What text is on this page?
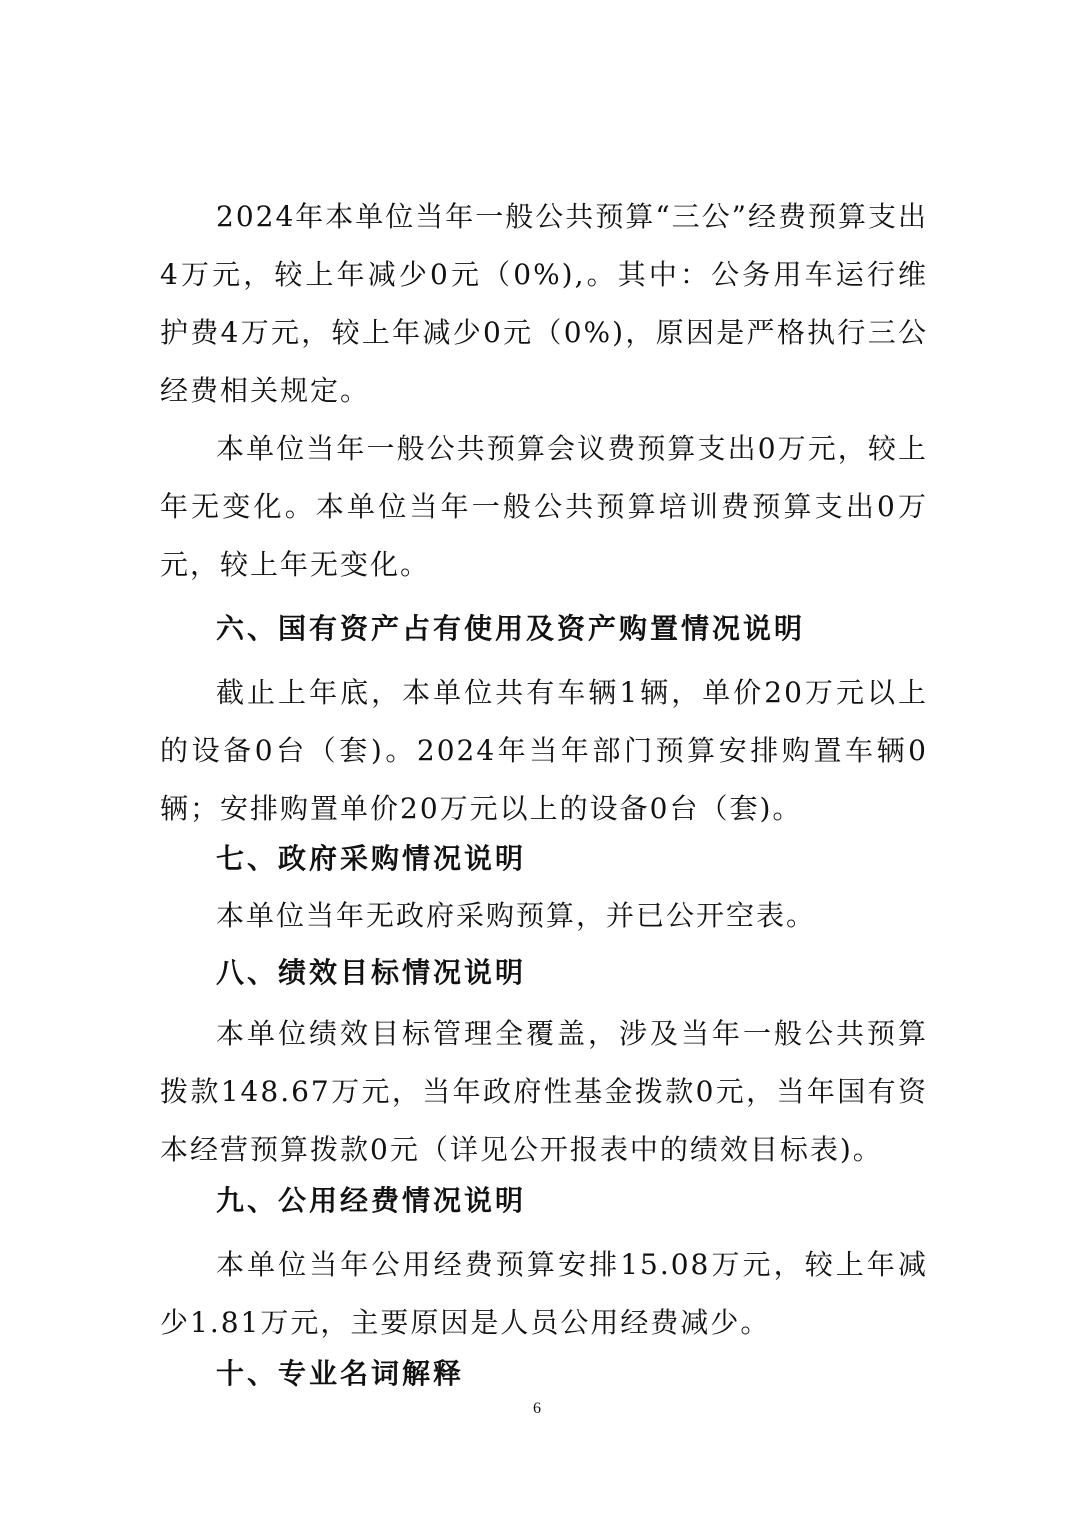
2024年本单位当年一般公共预算“三公”经费预算支出4万元，较上年减少0元（0%),。其中：公务用车运行维护费4万元，较上年减少0元（0%)，原因是严格执行三公经费相关规定。

本单位当年一般公共预算会议费预算支出0万元，较上年无变化。本单位当年一般公共预算培训费预算支出0万元，较上年无变化。

六、国有资产占有使用及资产购置情况说明

截止上年底，本单位共有车辆1辆，单价20万元以上的设备0台（套)。2024年当年部门预算安排购置车辆0辆；安排购置单价20万元以上的设备0台（套)。

七、政府采购情况说明

本单位当年无政府采购预算，并已公开空表。

八、绩效目标情况说明

本单位绩效目标管理全覆盖，涉及当年一般公共预算拨款148.67万元，当年政府性基金拨款0元，当年国有资本经营预算拨款0元（详见公开报表中的绩效目标表)。

九、公用经费情况说明

本单位当年公用经费预算安排15.08万元，较上年减少1.81万元，主要原因是人员公用经费减少。

十、专业名词解释
6
